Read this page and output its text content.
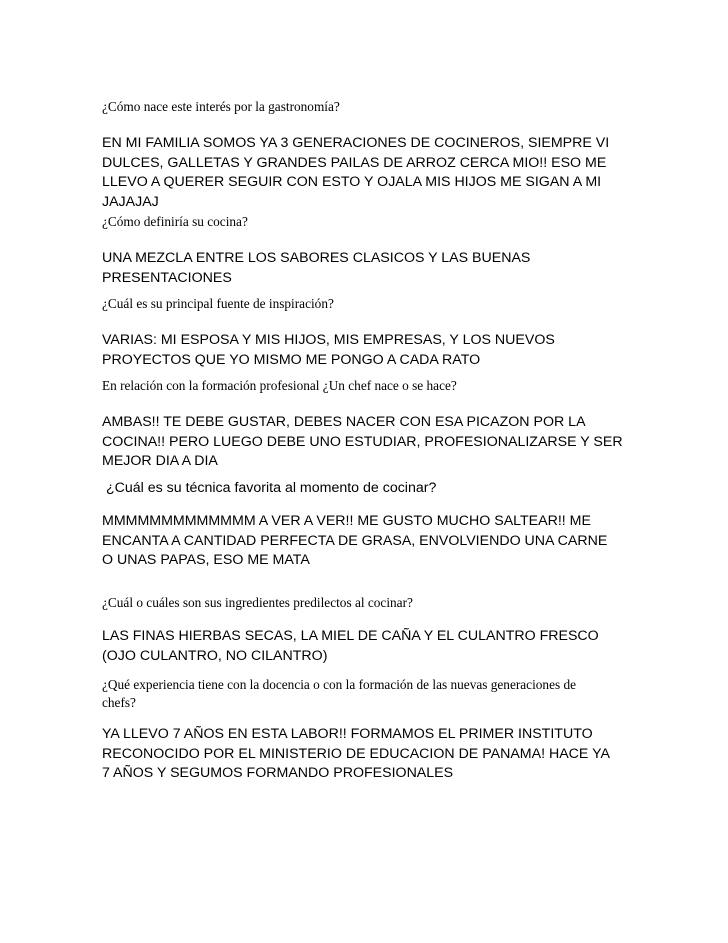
¿Cómo nace este interés por la gastronomía?
EN MI FAMILIA SOMOS YA 3 GENERACIONES DE COCINEROS, SIEMPRE VI
DULCES, GALLETAS Y GRANDES PAILAS DE ARROZ CERCA MIO!! ESO ME
LLEVO A QUERER SEGUIR CON ESTO Y OJALA MIS HIJOS ME SIGAN A MI
JAJAJAJ
¿Cómo definiría su cocina?
UNA MEZCLA ENTRE LOS SABORES CLASICOS Y LAS BUENAS
PRESENTACIONES
¿Cuál es su principal fuente de inspiración?
VARIAS: MI ESPOSA Y MIS HIJOS, MIS EMPRESAS, Y LOS NUEVOS
PROYECTOS QUE YO MISMO ME PONGO A CADA RATO
En relación con la formación profesional ¿Un chef nace o se hace?
AMBAS!! TE DEBE GUSTAR, DEBES NACER CON ESA PICAZON POR LA
COCINA!! PERO LUEGO DEBE UNO ESTUDIAR, PROFESIONALIZARSE Y SER
MEJOR DIA A DIA
¿Cuál es su técnica favorita al momento de cocinar?
MMMMMMMMMMMMM A VER A VER!! ME GUSTO MUCHO SALTEAR!! ME
ENCANTA A CANTIDAD PERFECTA DE GRASA, ENVOLVIENDO UNA CARNE
O UNAS PAPAS, ESO ME MATA
¿Cuál o cuáles son sus ingredientes predilectos al cocinar?
LAS FINAS HIERBAS SECAS, LA MIEL DE CAÑA Y EL CULANTRO FRESCO
(OJO CULANTRO, NO CILANTRO)
¿Qué experiencia tiene con la docencia o con la formación de las nuevas generaciones de
chefs?
YA LLEVO 7 AÑOS EN ESTA LABOR!! FORMAMOS EL PRIMER INSTITUTO
RECONOCIDO POR EL MINISTERIO DE EDUCACION DE PANAMA! HACE YA
7 AÑOS Y SEGUMOS FORMANDO PROFESIONALES
